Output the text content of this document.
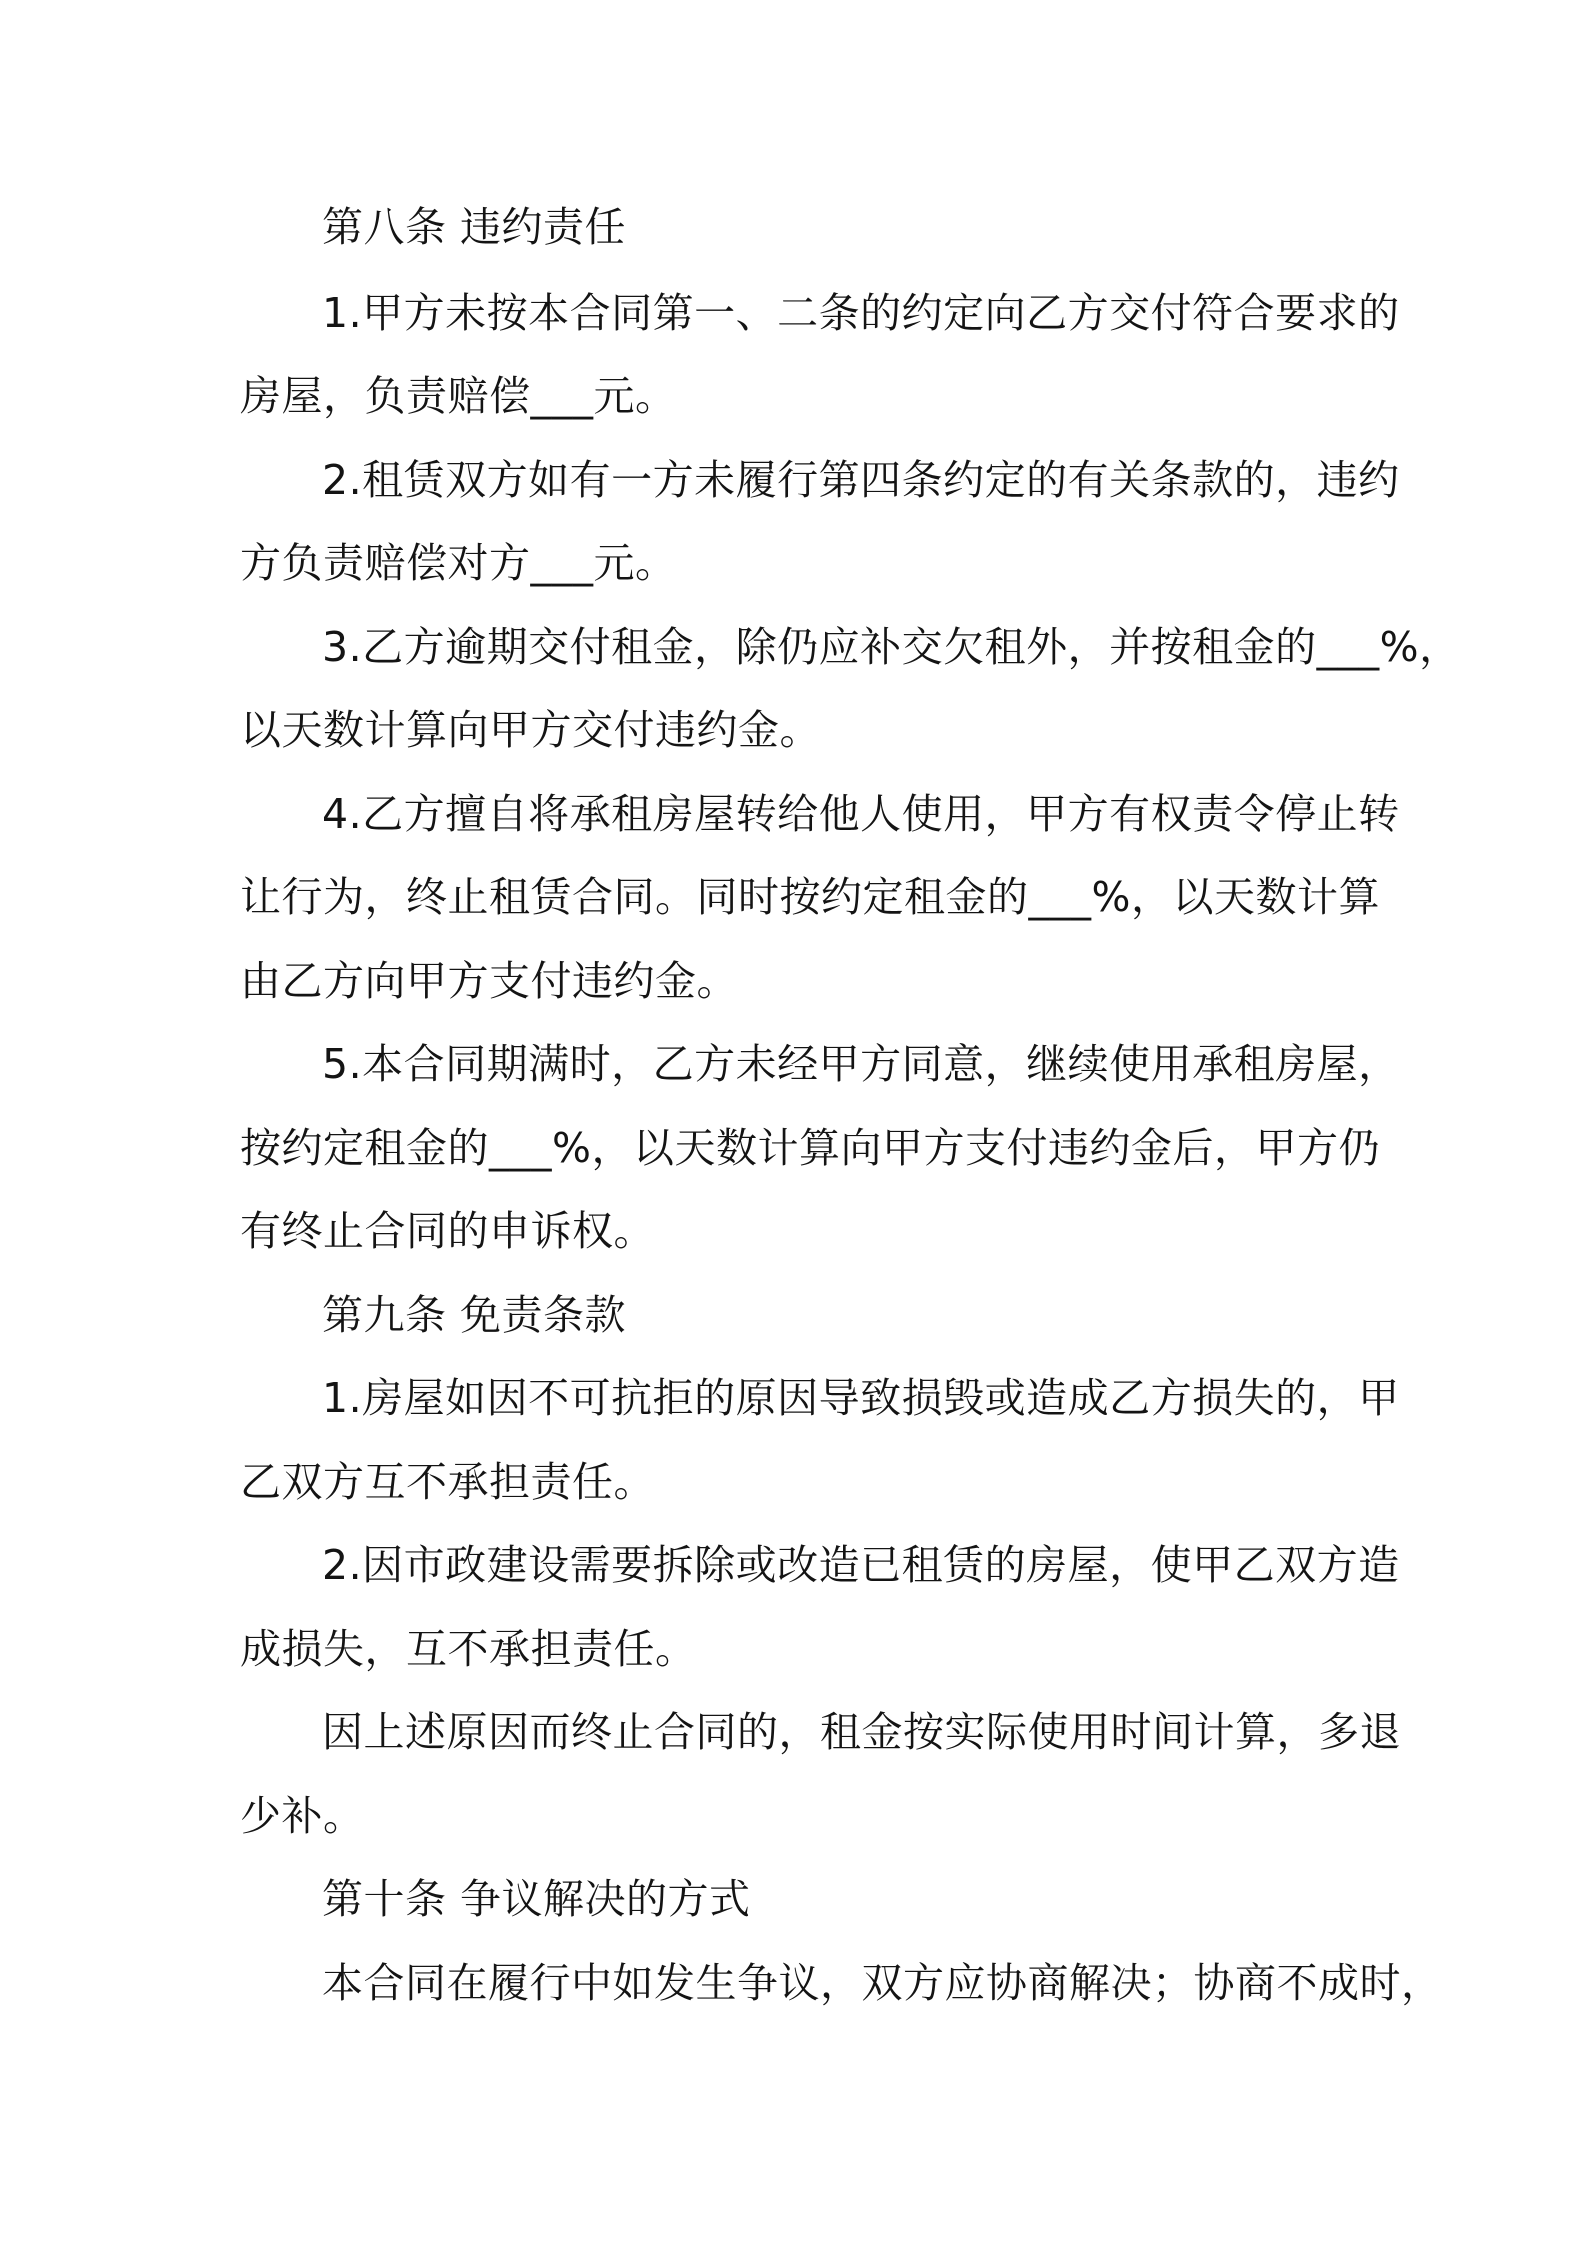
第八条 违约责任
1.甲方未按本合同第一、二条的约定向乙方交付符合要求的
房屋，负责赔偿___元。
2.租赁双方如有一方未履行第四条约定的有关条款的，违约
方负责赔偿对方___元。
3.乙方逾期交付租金，除仍应补交欠租外，并按租金的___%，
以天数计算向甲方交付违约金。
4.乙方擅自将承租房屋转给他人使用，甲方有权责令停止转
让行为，终止租赁合同。同时按约定租金的___%，以天数计算
由乙方向甲方支付违约金。
5.本合同期满时，乙方未经甲方同意，继续使用承租房屋，
按约定租金的___%，以天数计算向甲方支付违约金后，甲方仍
有终止合同的申诉权。
第九条 免责条款
1.房屋如因不可抗拒的原因导致损毁或造成乙方损失的，甲
乙双方互不承担责任。
2.因市政建设需要拆除或改造已租赁的房屋，使甲乙双方造
成损失，互不承担责任。
因上述原因而终止合同的，租金按实际使用时间计算，多退
少补。
第十条 争议解决的方式
本合同在履行中如发生争议，双方应协商解决；协商不成时，
